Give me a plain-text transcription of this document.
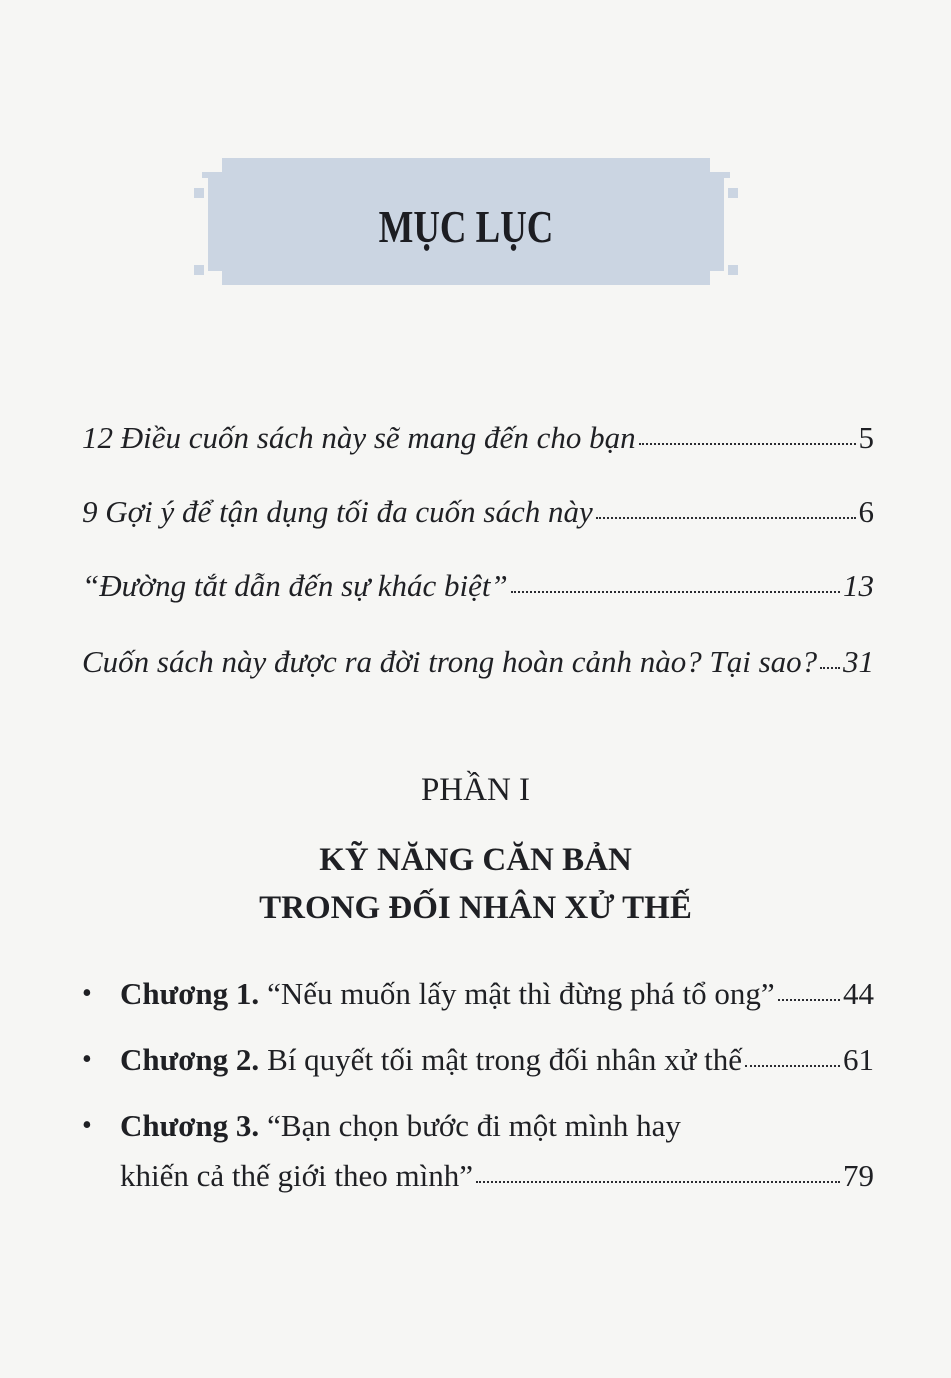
MỤC LỤC
12 Điều cuốn sách này sẽ mang đến cho bạn	5
9 Gợi ý để tận dụng tối đa cuốn sách này	6
“Đường tắt dẫn đến sự khác biệt”	13
Cuốn sách này được ra đời trong hoàn cảnh nào? Tại sao? 31
PHẦN I
KỸ NĂNG CĂN BẢN
TRONG ĐỐI NHÂN XỬ THẾ
• Chương 1. “Nếu muốn lấy mật thì đừng phá tổ ong” 44
• Chương 2. Bí quyết tối mật trong đối nhân xử thế	61
• Chương 3. “Bạn chọn bước đi một mình hay
khiến cả thế giới theo mình”	79
